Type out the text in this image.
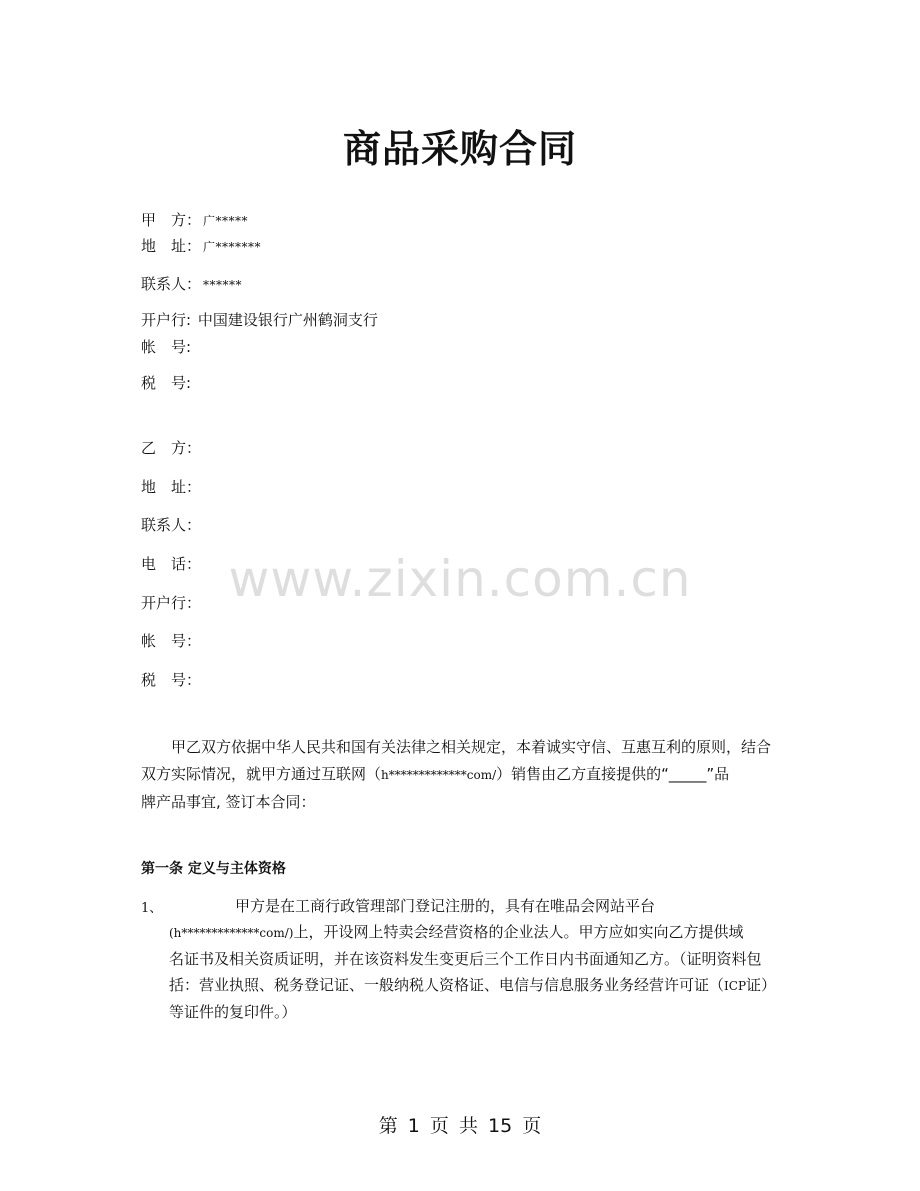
商品采购合同
甲　方： 广*****
地　址： 广*******
联系人： ******
开户行: 中国建设银行广州鹤洞支行
帐　号:
税　号:
乙　方：
地　址：
联系人：
电　话：
开户行：
帐　号：
税　号：
www.zixin.com.cn
甲乙双方依据中华人民共和国有关法律之相关规定，本着诚实守信、互惠互利的原则，结合
双方实际情况，就甲方通过互联网（h*************com/）销售由乙方直接提供的“_____”品
牌产品事宜, 签订本合同：
第一条 定义与主体资格
1、	甲方是在工商行政管理部门登记注册的，具有在唯品会网站平台
(h*************com/)上，开设网上特卖会经营资格的企业法人。甲方应如实向乙方提供域
名证书及相关资质证明，并在该资料发生变更后三个工作日内书面通知乙方。（证明资料包
括：营业执照、税务登记证、一般纳税人资格证、电信与信息服务业务经营许可证（ICP证）
等证件的复印件。）
第 1 页 共 15 页
